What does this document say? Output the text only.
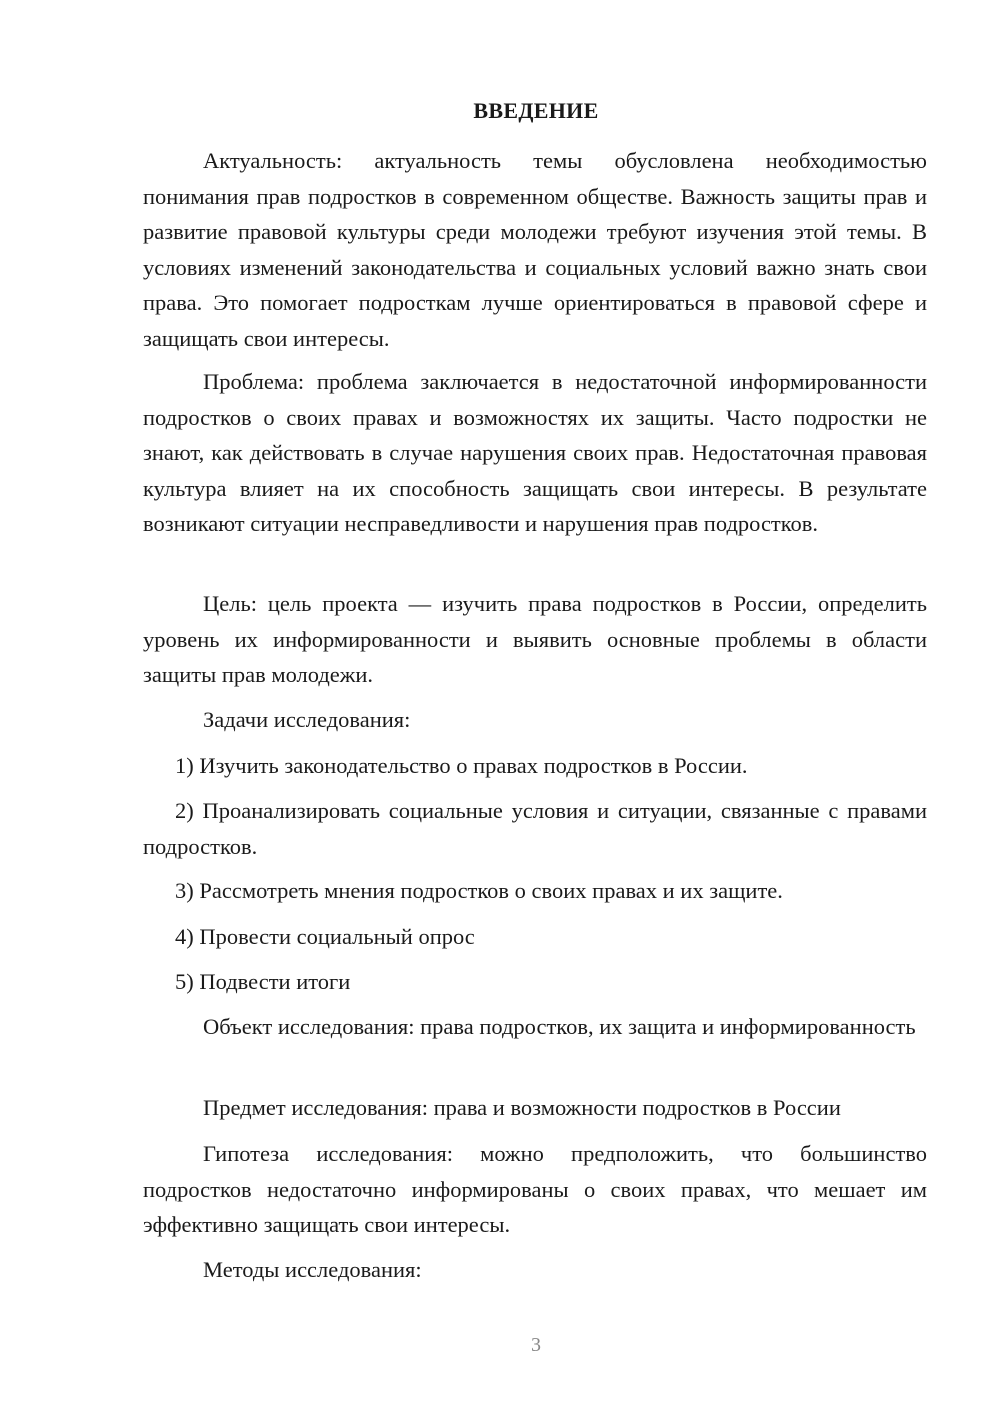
ВВЕДЕНИЕ

Актуальность: актуальность темы обусловлена необходимостью понимания прав подростков в современном обществе. Важность защиты прав и развитие правовой культуры среди молодежи требуют изучения этой темы. В условиях изменений законодательства и социальных условий важно знать свои права. Это помогает подросткам лучше ориентироваться в правовой сфере и защищать свои интересы.

Проблема: проблема заключается в недостаточной информированности подростков о своих правах и возможностях их защиты. Часто подростки не знают, как действовать в случае нарушения своих прав. Недостаточная правовая культура влияет на их способность защищать свои интересы. В результате возникают ситуации несправедливости и нарушения прав подростков.

Цель: цель проекта — изучить права подростков в России, определить уровень их информированности и выявить основные проблемы в области защиты прав молодежи.

Задачи исследования:

1) Изучить законодательство о правах подростков в России.

2) Проанализировать социальные условия и ситуации, связанные с правами подростков.

3) Рассмотреть мнения подростков о своих правах и их защите.

4) Провести социальный опрос

5) Подвести итоги

Объект исследования: права подростков, их защита и информированность

Предмет исследования: права и возможности подростков в России

Гипотеза исследования: можно предположить, что большинство подростков недостаточно информированы о своих правах, что мешает им эффективно защищать свои интересы.

Методы исследования:

3
